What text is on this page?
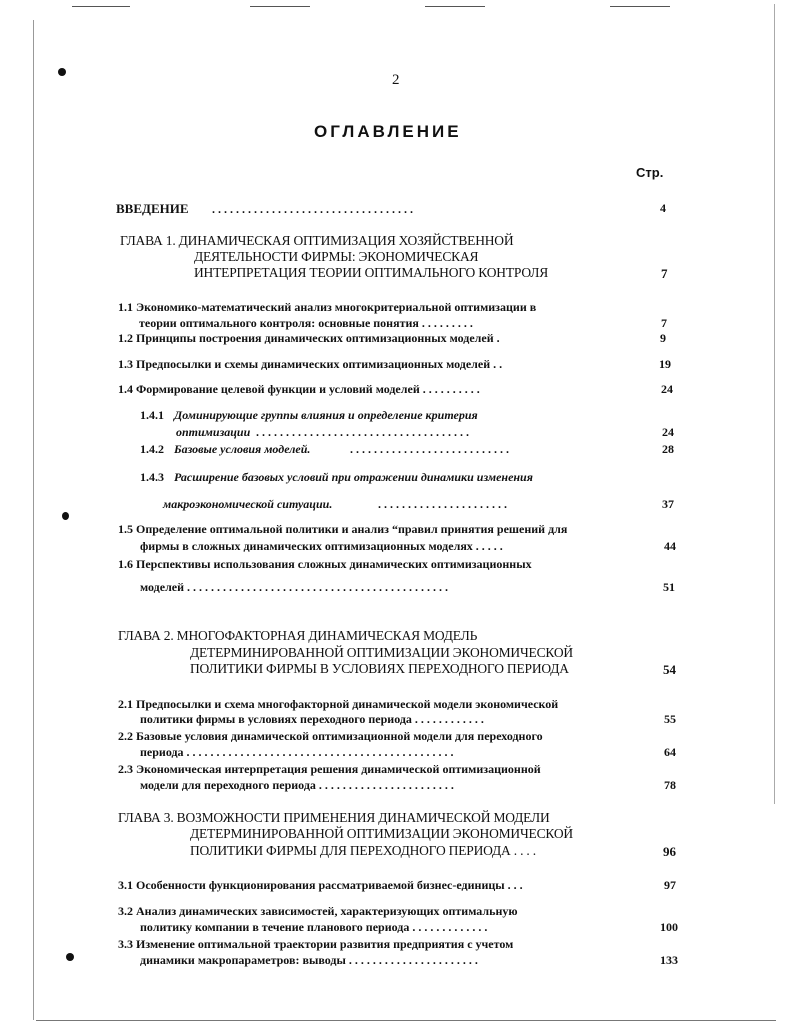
2
ОГЛАВЛЕНИЕ
Стр.
ВВЕДЕНИЕ . . . . . . . . . . . . . . . . . . . . . . . . . . . . . . . . . .	4
ГЛАВА 1. ДИНАМИЧЕСКАЯ ОПТИМИЗАЦИЯ ХОЗЯЙСТВЕННОЙ
ДЕЯТЕЛЬНОСТИ ФИРМЫ: ЭКОНОМИЧЕСКАЯ
ИНТЕРПРЕТАЦИЯ ТЕОРИИ ОПТИМАЛЬНОГО КОНТРОЛЯ	7
1.1 Экономико-математический анализ многокритериальной оптимизации в
теории оптимального контроля: основные понятия . . . . . . . . .	7
1.2 Принципы построения динамических оптимизационных моделей .	9
1.3 Предпосылки и схемы динамических оптимизационных моделей . .	19
1.4 Формирование целевой функции и условий моделей . . . . . . . . . .	24
1.4.1 Доминирующие группы влияния и определение критерия
оптимизации . . . . . . . . . . . . . . . . . . . . . . . . . . . . . . . . . . . .	24
1.4.2 Базовые условия моделей.	. . . . . . . . . . . . . . . . . . . . . . . . . . .	28
1.4.3 Расширение базовых условий при отражении динамики изменения
макроэкономической ситуации.	. . . . . . . . . . . . . . . . . . . . . .	37
1.5 Определение оптимальной политики и анализ “правил принятия решений для
фирмы в сложных динамических оптимизационных моделях . . . . .	44
1.6 Перспективы использования сложных динамических оптимизационных
моделей . . . . . . . . . . . . . . . . . . . . . . . . . . . . . . . . . . . . . . . . . . . .	51
ГЛАВА 2. МНОГОФАКТОРНАЯ ДИНАМИЧЕСКАЯ МОДЕЛЬ
ДЕТЕРМИНИРОВАННОЙ ОПТИМИЗАЦИИ ЭКОНОМИЧЕСКОЙ
ПОЛИТИКИ ФИРМЫ В УСЛОВИЯХ ПЕРЕХОДНОГО ПЕРИОДА	54
2.1 Предпосылки и схема многофакторной динамической модели экономической
политики фирмы в условиях переходного периода . . . . . . . . . . . .	55
2.2 Базовые условия динамической оптимизационной модели для переходного
периода . . . . . . . . . . . . . . . . . . . . . . . . . . . . . . . . . . . . . . . . . . . . .	64
2.3 Экономическая интерпретация решения динамической оптимизационной
модели для переходного периода . . . . . . . . . . . . . . . . . . . . . . .	78
ГЛАВА 3. ВОЗМОЖНОСТИ ПРИМЕНЕНИЯ ДИНАМИЧЕСКОЙ МОДЕЛИ
ДЕТЕРМИНИРОВАННОЙ ОПТИМИЗАЦИИ ЭКОНОМИЧЕСКОЙ
ПОЛИТИКИ ФИРМЫ ДЛЯ ПЕРЕХОДНОГО ПЕРИОДА . . . .	96
3.1 Особенности функционирования рассматриваемой бизнес-единицы . . .	97
3.2 Анализ динамических зависимостей, характеризующих оптимальную
политику компании в течение планового периода . . . . . . . . . . . . .	100
3.3 Изменение оптимальной траектории развития предприятия с учетом
динамики макропараметров: выводы . . . . . . . . . . . . . . . . . . . . . .	133
